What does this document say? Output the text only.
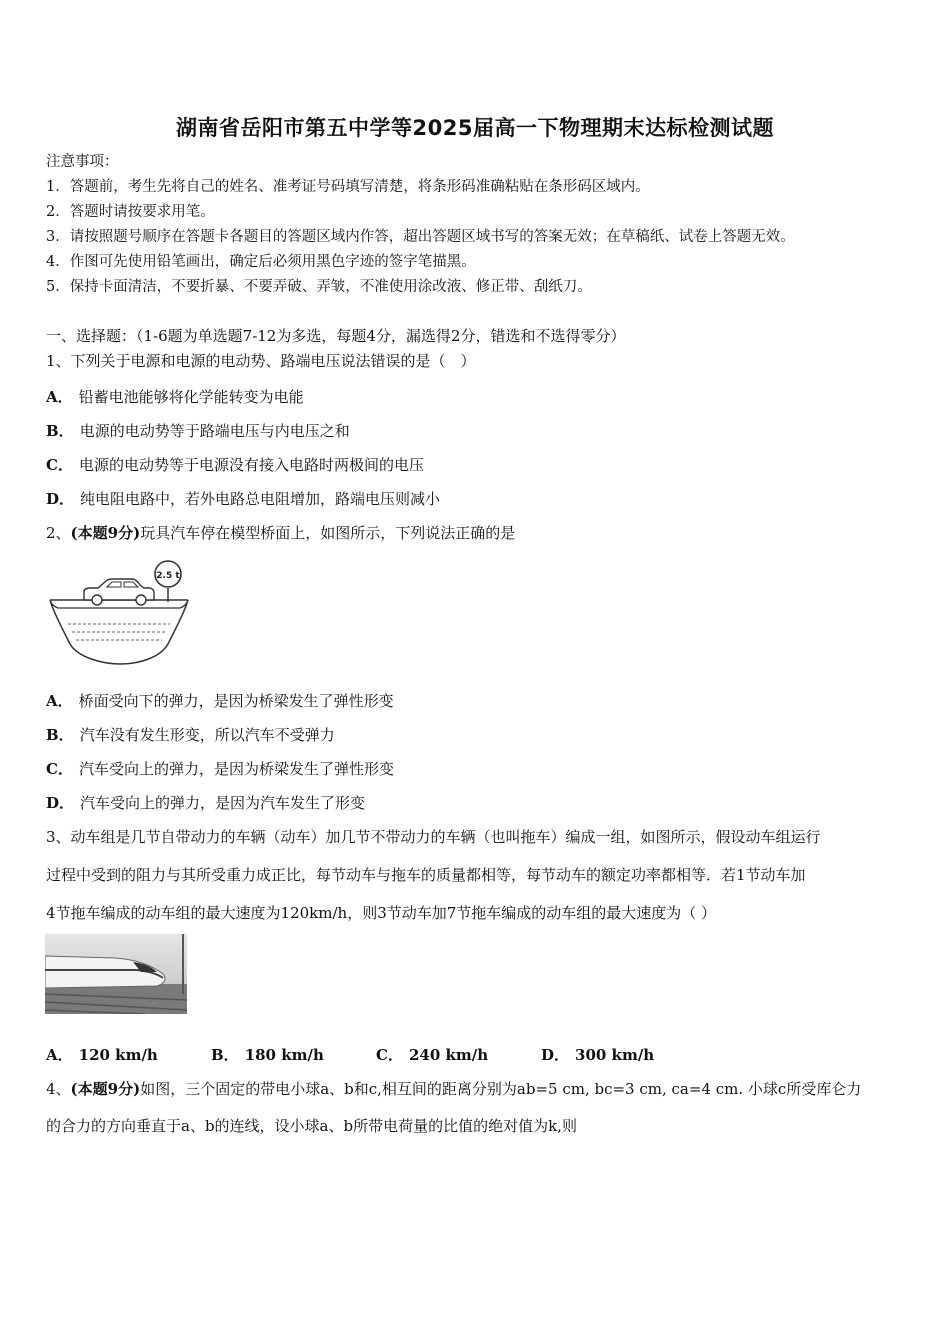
湖南省岳阳市第五中学等2025届高一下物理期末达标检测试题
注意事项：
1．答题前，考生先将自己的姓名、准考证号码填写清楚，将条形码准确粘贴在条形码区域内。
2．答题时请按要求用笔。
3．请按照题号顺序在答题卡各题目的答题区域内作答，超出答题区域书写的答案无效；在草稿纸、试卷上答题无效。
4．作图可先使用铅笔画出，确定后必须用黑色字迹的签字笔描黑。
5．保持卡面清洁，不要折暴、不要弄破、弄皱，不准使用涂改液、修正带、刮纸刀。
一、选择题：（1-6题为单选题7-12为多选，每题4分，漏选得2分，错选和不选得零分）
1、下列关于电源和电源的电动势、路端电压说法错误的是（　）
A． 铅蓄电池能够将化学能转变为电能
B． 电源的电动势等于路端电压与内电压之和
C． 电源的电动势等于电源没有接入电路时两极间的电压
D． 纯电阻电路中，若外电路总电阻增加，路端电压则减小
2、(本题9分)玩具汽车停在模型桥面上，如图所示，下列说法正确的是
2.5 t
A． 桥面受向下的弹力，是因为桥梁发生了弹性形变
B． 汽车没有发生形变，所以汽车不受弹力
C． 汽车受向上的弹力，是因为桥梁发生了弹性形变
D． 汽车受向上的弹力，是因为汽车发生了形变
3、动车组是几节自带动力的车辆（动车）加几节不带动力的车辆（也叫拖车）编成一组，如图所示，假设动车组运行
过程中受到的阻力与其所受重力成正比，每节动车与拖车的质量都相等，每节动车的额定功率都相等．若1节动车加
4节拖车编成的动车组的最大速度为120km/h，则3节动车加7节拖车编成的动车组的最大速度为（ ）
A． 120 km/h	B． 180 km/h	C． 240 km/h	D． 300 km/h
4、(本题9分)如图，三个固定的带电小球a、b和c,相互间的距离分别为ab=5 cm, bc=3 cm, ca=4 cm. 小球c所受库仑力
的合力的方向垂直于a、b的连线，设小球a、b所带电荷量的比值的绝对值为k,则
